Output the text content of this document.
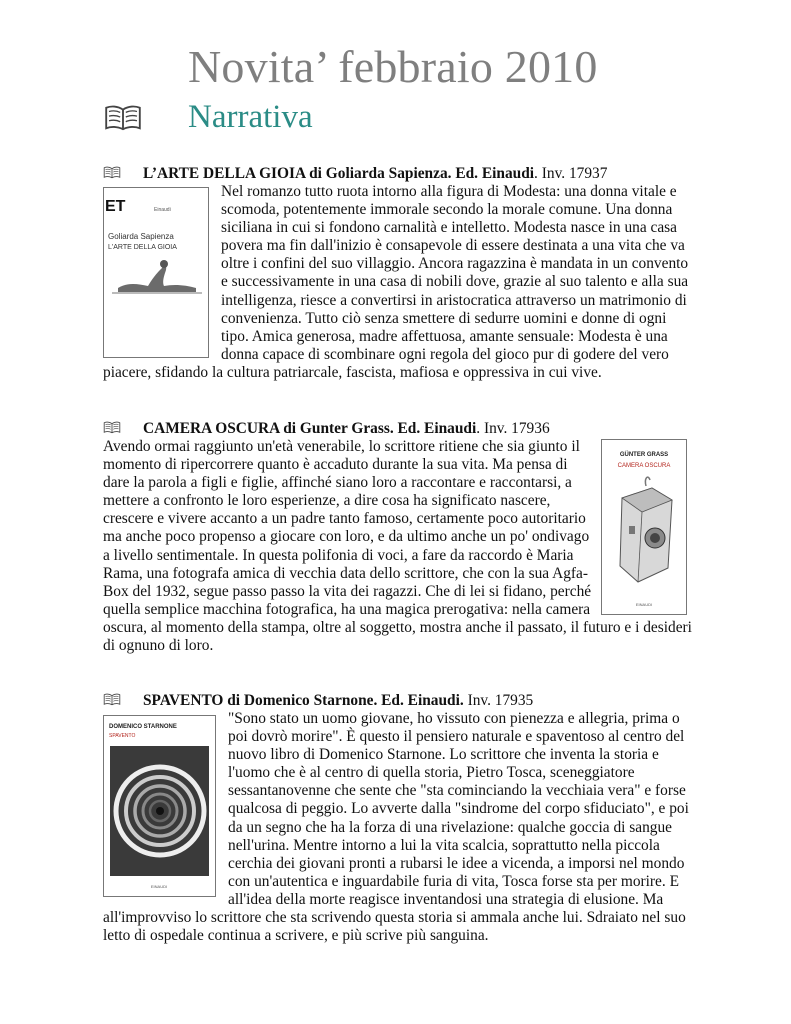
Novita’ febbraio 2010
Narrativa
L’ARTE DELLA GIOIA di Goliarda Sapienza. Ed. Einaudi. Inv. 17937
ET	Einaudi
Goliarda Sapienza
L'ARTE DELLA GIOIA

Nel romanzo tutto ruota intorno alla figura di Modesta: una donna vitale e scomoda, potentemente immorale secondo la morale comune. Una donna siciliana in cui si fondono carnalità e intelletto. Modesta nasce in una casa povera ma fin dall'inizio è consapevole di essere destinata a una vita che va oltre i confini del suo villaggio. Ancora ragazzina è mandata in un convento e successivamente in una casa di nobili dove, grazie al suo talento e alla sua intelligenza, riesce a convertirsi in aristocratica attraverso un matrimonio di convenienza. Tutto ciò senza smettere di sedurre uomini e donne di ogni tipo. Amica generosa, madre affettuosa, amante sensuale: Modesta è una donna capace di scombinare ogni regola del gioco pur di godere del vero piacere, sfidando la cultura patriarcale, fascista, mafiosa e oppressiva in cui vive.

CAMERA OSCURA di Gunter Grass. Ed. Einaudi. Inv. 17936
GÜNTER GRASS
CAMERA OSCURA
EINAUDI

Avendo ormai raggiunto un'età venerabile, lo scrittore ritiene che sia giunto il momento di ripercorrere quanto è accaduto durante la sua vita. Ma pensa di dare la parola a figli e figlie, affinché siano loro a raccontare e raccontarsi, a mettere a confronto le loro esperienze, a dire cosa ha significato nascere, crescere e vivere accanto a un padre tanto famoso, certamente poco autoritario ma anche poco propenso a giocare con loro, e da ultimo anche un po' ondivago a livello sentimentale. In questa polifonia di voci, a fare da raccordo è Maria Rama, una fotografa amica di vecchia data dello scrittore, che con la sua Agfa-Box del 1932, segue passo passo la vita dei ragazzi. Che di lei si fidano, perché quella semplice macchina fotografica, ha una magica prerogativa: nella camera oscura, al momento della stampa, oltre al soggetto, mostra anche il passato, il futuro e i desideri di ognuno di loro.

SPAVENTO di Domenico Starnone. Ed. Einaudi. Inv. 17935
DOMENICO STARNONE
SPAVENTO
EINAUDI

"Sono stato un uomo giovane, ho vissuto con pienezza e allegria, prima o poi dovrò morire". È questo il pensiero naturale e spaventoso al centro del nuovo libro di Domenico Starnone. Lo scrittore che inventa la storia e l'uomo che è al centro di quella storia, Pietro Tosca, sceneggiatore sessantanovenne che sente che "sta cominciando la vecchiaia vera" e forse qualcosa di peggio. Lo avverte dalla "sindrome del corpo sfiduciato", e poi da un segno che ha la forza di una rivelazione: qualche goccia di sangue nell'urina. Mentre intorno a lui la vita scalcia, soprattutto nella piccola cerchia dei giovani pronti a rubarsi le idee a vicenda, a imporsi nel mondo con un'autentica e inguardabile furia di vita, Tosca forse sta per morire. E all'idea della morte reagisce inventandosi una strategia di elusione. Ma all'improvviso lo scrittore che sta scrivendo questa storia si ammala anche lui. Sdraiato nel suo letto di ospedale continua a scrivere, e più scrive più sanguina.
